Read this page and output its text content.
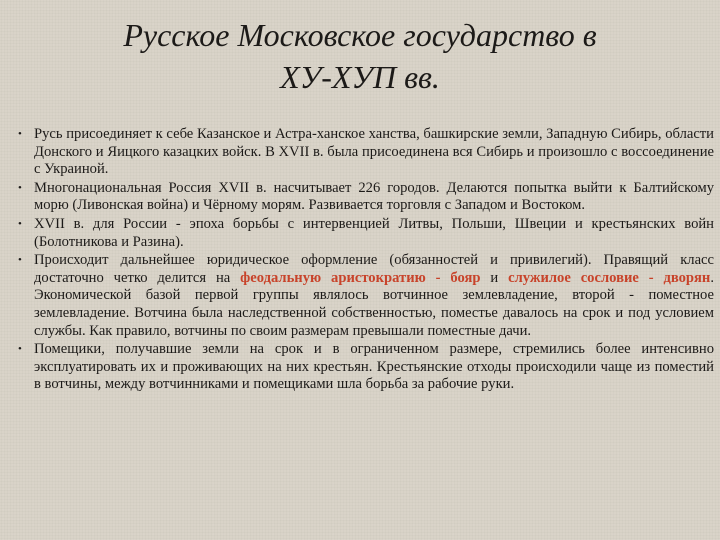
Русское Московское государство в
ХУ-ХУП вв.
• Русь присоединяет к себе Казанское и Астра-ханское ханства, башкирские земли, Западную Сибирь, области Донского и Яицкого казацких войск. В XVII в. была присоединена вся Сибирь и произошло с воссоединение с Украиной.
• Многонациональная Россия XVII в. насчитывает 226 городов. Делаются попытка выйти к Балтийскому морю (Ливонская война) и Чёрному морям. Развивается торговля с Западом и Востоком.
• XVII в. для России - эпоха борьбы с интервенцией Литвы, Польши, Швеции и крестьянских войн (Болотникова и Разина).
• Происходит дальнейшее юридическое оформление (обязанностей и привилегий). Правящий класс достаточно четко делится на феодальную аристократию - бояр и служилое сословие - дворян. Экономической базой первой группы являлось вотчинное землевладение, второй - поместное землевладение. Вотчина была наследственной собственностью, поместье давалось на срок и под условием службы. Как правило, вотчины по своим размерам превышали поместные дачи.
• Помещики, получавшие земли на срок и в ограниченном размере, стремились более интенсивно эксплуатировать их и проживающих на них крестьян. Крестьянские отходы происходили чаще из поместий в вотчины, между вотчинниками и помещиками шла борьба за рабочие руки.
